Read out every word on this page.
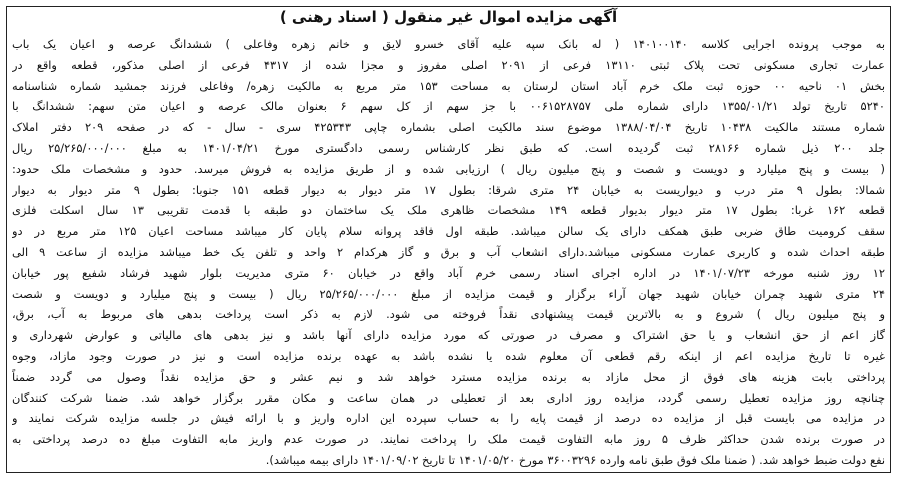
آگهی مزایده اموال غیر منقول ( اسناد رهنی )
به موجب پرونده اجرایی کلاسه ۱۴۰۱۰۰۱۴۰ ( له بانک سپه علیه آقای خسرو لایق و خانم زهره وفاعلی ) ششدانگ عرصه و اعیان یک باب
عمارت تجاری مسکونی تحت پلاک ثبتی ۱۳۱۱۰ فرعی از ۲۰۹۱ اصلی مفروز و مجزا شده از ۴۳۱۷ فرعی از اصلی مذکور، قطعه واقع در
بخش ۰۱ ناحیه ۰۰ حوزه ثبت ملک خرم آباد استان لرستان به مساحت ۱۵۳ متر مربع به مالکیت زهره/ وفاعلی فرزند جمشید شماره شناسنامه
۵۲۴۰ تاریخ تولد ۱۳۵۵/۰۱/۲۱ دارای شماره ملی ۰۰۶۱۵۲۸۷۵۷ با جز سهم از کل سهم ۶ بعنوان مالک عرصه و اعیان متن سهم: ششدانگ با
شماره مستند مالکیت ۱۰۴۳۸ تاریخ ۱۳۸۸/۰۴/۰۴ موضوع سند مالکیت اصلی بشماره چاپی ۴۲۵۳۴۳ سری - سال - که در صفحه ۲۰۹ دفتر املاک
جلد ۲۰۰ ذیل شماره ۲۸۱۶۶ ثبت گردیده است. که طبق نظر کارشناس رسمی دادگستری مورخ ۱۴۰۱/۰۴/۲۱ به مبلغ ۲۵/۲۶۵/۰۰۰/۰۰۰ ریال
( بیست و پنج میلیارد و دویست و شصت و پنج میلیون ریال ) ارزیابی شده و از طریق مزایده به فروش میرسد. حدود و مشخصات ملک حدود:
شمالا: بطول ۹ متر درب و دیواریست به خیابان ۲۴ متری شرقا: بطول ۱۷ متر دیوار به دیوار قطعه ۱۵۱ جنوبا: بطول ۹ متر دیوار به دیوار
قطعه ۱۶۲ غربا: بطول ۱۷ متر دیوار بدیوار قطعه ۱۴۹ مشخصات ظاهری ملک یک ساختمان دو طبقه با قدمت تقریبی ۱۳ سال اسکلت فلزی
سقف کرومیت طاق ضربی طبق همکف دارای یک سالن میباشد. طبقه اول فاقد پروانه سلام پایان کار میباشد مساحت اعیان ۱۲۵ متر مربع در دو
طبقه احداث شده و کاربری عمارت مسکونی میباشد.دارای انشعاب آب و برق و گاز هرکدام ۲ واحد و تلفن یک خط میباشد مزایده از ساعت ۹ الی
۱۲ روز شنبه مورخه ۱۴۰۱/۰۷/۲۳ در اداره اجرای اسناد رسمی خرم آباد واقع در خیابان ۶۰ متری مدیریت بلوار شهید فرشاد شفیع پور خیابان
۲۴ متری شهید چمران خیابان شهید جهان آراء برگزار و قیمت مزایده از مبلغ ۲۵/۲۶۵/۰۰۰/۰۰۰ ریال ( بیست و پنج میلیارد و دویست و شصت
و پنج میلیون ریال ) شروع و به بالاترین قیمت پیشنهادی نقداً فروخته می شود. لازم به ذکر است پرداخت بدهی های مربوط به آب، برق،
گاز اعم از حق انشعاب و یا حق اشتراک و مصرف در صورتی که مورد مزایده دارای آنها باشد و نیز بدهی های مالیاتی و عوارض شهرداری و
غیره تا تاریخ مزایده اعم از اینکه رقم قطعی آن معلوم شده یا نشده باشد به عهده برنده مزایده است و نیز در صورت وجود مازاد، وجوه
پرداختی بابت هزینه های فوق از محل مازاد به برنده مزایده مسترد خواهد شد و نیم عشر و حق مزایده نقداً وصول می گردد ضمناً
چنانچه روز مزایده تعطیل رسمی گردد، مزایده روز اداری بعد از تعطیلی در همان ساعت و مکان مقرر برگزار خواهد شد. ضمنا شرکت کنندگان
در مزایده می بایست قبل از مزایده ده درصد از قیمت پایه را به حساب سپرده این اداره واریز و با ارائه فیش در جلسه مزایده شرکت نمایند و
در صورت برنده شدن حداکثر ظرف ۵ روز مابه التفاوت قیمت ملک را پرداخت نمایند. در صورت عدم واریز مابه التفاوت مبلغ ده درصد پرداختی به
نفع دولت ضبط خواهد شد. ( ضمنا ملک فوق طبق نامه وارده ۳۶۰۰۳۲۹۶ مورخ ۱۴۰۱/۰۵/۲۰ تا تاریخ ۱۴۰۱/۰۹/۰۲ دارای بیمه میباشد).
